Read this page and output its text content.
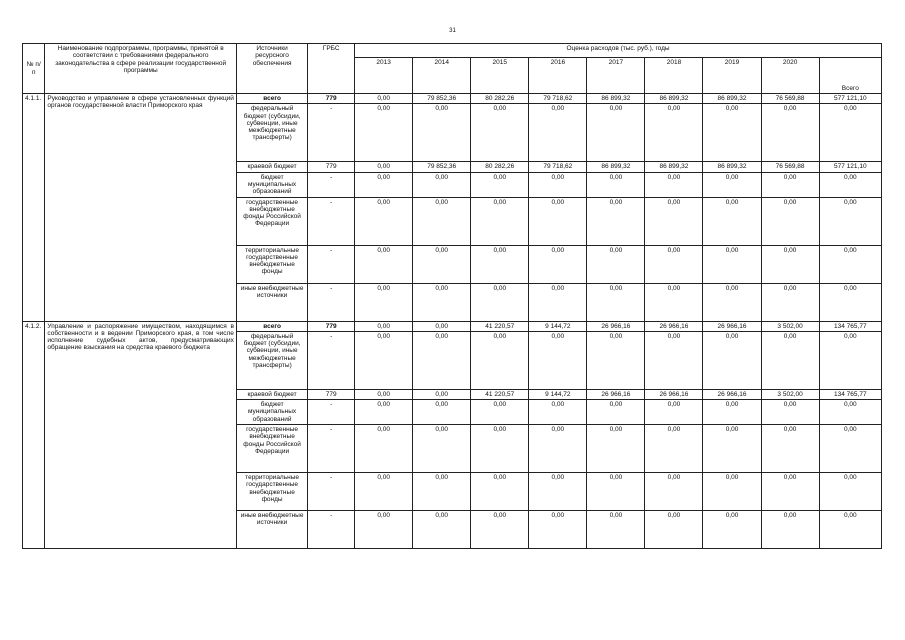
31
№ п/п	Наименование подпрограммы, программы, принятой в соответствии с требованиями федерального законодательства в сфере реализации государственной программы	Источники ресурсного обеспечения	ГРБС	Оценка расходов (тыс. руб.), годы								
				2013	2014	2015	2016	2017	2018	2019	2020	Всего
4.1.1.	Руководство и управление в сфере установленных функций органов государственной власти Приморского края	всего	779	0,00	79 852,36	80 282,26	79 718,62	86 899,32	86 899,32	86 899,32	76 569,88	577 121,10
		федеральный бюджет (субсидии, субвенции, иные межбюджетные трансферты)	-	0,00	0,00	0,00	0,00	0,00	0,00	0,00	0,00	0,00
		краевой бюджет	779	0,00	79 852,36	80 282,26	79 718,62	86 899,32	86 899,32	86 899,32	76 569,88	577 121,10
		бюджет муниципальных образований	-	0,00	0,00	0,00	0,00	0,00	0,00	0,00	0,00	0,00
		государственные внебюджетные фонды Российской Федерации	-	0,00	0,00	0,00	0,00	0,00	0,00	0,00	0,00	0,00
		территориальные государственные внебюджетные фонды	-	0,00	0,00	0,00	0,00	0,00	0,00	0,00	0,00	0,00
		иные внебюджетные источники	-	0,00	0,00	0,00	0,00	0,00	0,00	0,00	0,00	0,00
4.1.2.	Управление и распоряжение имуществом, находящимся в собственности и в ведении Приморского края, в том числе исполнение судебных актов, предусматривающих обращение взыскания на средства краевого бюджета	всего	779	0,00	0,00	41 220,57	9 144,72	26 966,16	26 966,16	26 966,16	3 502,00	134 765,77
		федеральный бюджет (субсидии, субвенции, иные межбюджетные трансферты)	-	0,00	0,00	0,00	0,00	0,00	0,00	0,00	0,00	0,00
		краевой бюджет	779	0,00	0,00	41 220,57	9 144,72	26 966,16	26 966,16	26 966,16	3 502,00	134 765,77
		бюджет муниципальных образований	-	0,00	0,00	0,00	0,00	0,00	0,00	0,00	0,00	0,00
		государственные внебюджетные фонды Российской Федерации	-	0,00	0,00	0,00	0,00	0,00	0,00	0,00	0,00	0,00
		территориальные государственные внебюджетные фонды	-	0,00	0,00	0,00	0,00	0,00	0,00	0,00	0,00	0,00
		иные внебюджетные источники	-	0,00	0,00	0,00	0,00	0,00	0,00	0,00	0,00	0,00
